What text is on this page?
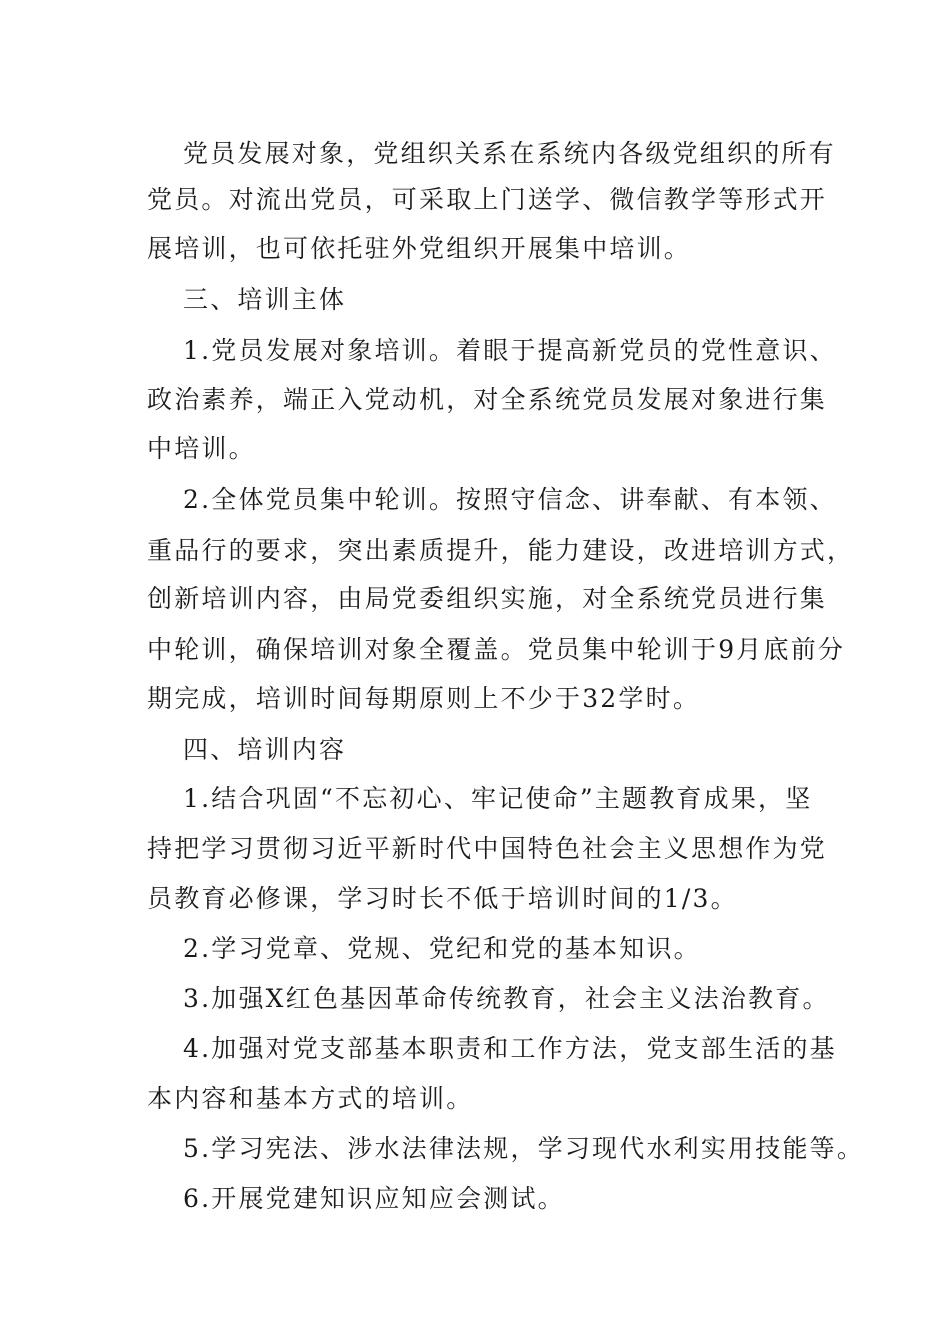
党员发展对象，党组织关系在系统内各级党组织的所有
党员。对流出党员，可采取上门送学、微信教学等形式开
展培训，也可依托驻外党组织开展集中培训。
三、培训主体
1.党员发展对象培训。着眼于提高新党员的党性意识、
政治素养，端正入党动机，对全系统党员发展对象进行集
中培训。
2.全体党员集中轮训。按照守信念、讲奉献、有本领、
重品行的要求，突出素质提升，能力建设，改进培训方式，
创新培训内容，由局党委组织实施，对全系统党员进行集
中轮训，确保培训对象全覆盖。党员集中轮训于9月底前分
期完成，培训时间每期原则上不少于32学时。
四、培训内容
1.结合巩固“不忘初心、牢记使命”主题教育成果，坚
持把学习贯彻习近平新时代中国特色社会主义思想作为党
员教育必修课，学习时长不低于培训时间的1/3。
2.学习党章、党规、党纪和党的基本知识。
3.加强X红色基因革命传统教育，社会主义法治教育。
4.加强对党支部基本职责和工作方法，党支部生活的基
本内容和基本方式的培训。
5.学习宪法、涉水法律法规，学习现代水利实用技能等。
6.开展党建知识应知应会测试。
